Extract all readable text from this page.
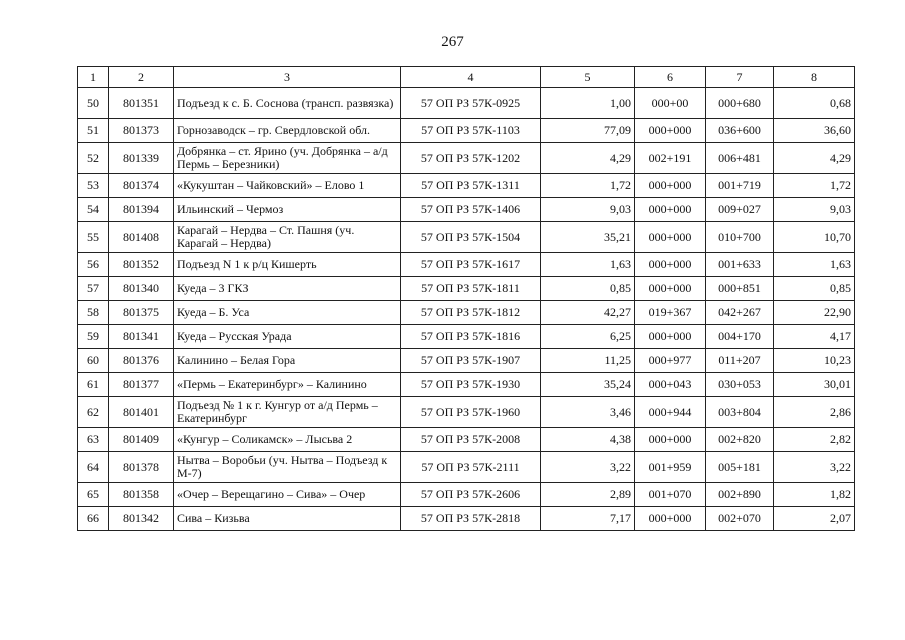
267
1	2	3	4	5	6	7	8
50	801351	Подъезд к с. Б. Соснова (трансп. развязка)	57 ОП РЗ 57К-0925	1,00	000+00	000+680	0,68
51	801373	Горнозаводск – гр. Свердловской обл.	57 ОП РЗ 57К-1103	77,09	000+000	036+600	36,60
52	801339	Добрянка – ст. Ярино (уч. Добрянка – а/д Пермь – Березники)	57 ОП РЗ 57К-1202	4,29	002+191	006+481	4,29
53	801374	«Кукуштан – Чайковский» – Елово 1	57 ОП РЗ 57К-1311	1,72	000+000	001+719	1,72
54	801394	Ильинский – Чермоз	57 ОП РЗ 57К-1406	9,03	000+000	009+027	9,03
55	801408	Карагай – Нердва – Ст. Пашня (уч. Карагай – Нердва)	57 ОП РЗ 57К-1504	35,21	000+000	010+700	10,70
56	801352	Подъезд N 1 к р/ц Кишерть	57 ОП РЗ 57К-1617	1,63	000+000	001+633	1,63
57	801340	Куеда – 3 ГКЗ	57 ОП РЗ 57К-1811	0,85	000+000	000+851	0,85
58	801375	Куеда – Б. Уса	57 ОП РЗ 57К-1812	42,27	019+367	042+267	22,90
59	801341	Куеда – Русская Урада	57 ОП РЗ 57К-1816	6,25	000+000	004+170	4,17
60	801376	Калинино – Белая Гора	57 ОП РЗ 57К-1907	11,25	000+977	011+207	10,23
61	801377	«Пермь – Екатеринбург» – Калинино	57 ОП РЗ 57К-1930	35,24	000+043	030+053	30,01
62	801401	Подъезд № 1 к г. Кунгур от а/д Пермь – Екатеринбург	57 ОП РЗ 57К-1960	3,46	000+944	003+804	2,86
63	801409	«Кунгур – Соликамск» – Лысьва 2	57 ОП РЗ 57К-2008	4,38	000+000	002+820	2,82
64	801378	Нытва – Воробьи (уч. Нытва – Подъезд к М-7)	57 ОП РЗ 57К-2111	3,22	001+959	005+181	3,22
65	801358	«Очер – Верещагино – Сива» – Очер	57 ОП РЗ 57К-2606	2,89	001+070	002+890	1,82
66	801342	Сива – Кизьва	57 ОП РЗ 57К-2818	7,17	000+000	002+070	2,07
